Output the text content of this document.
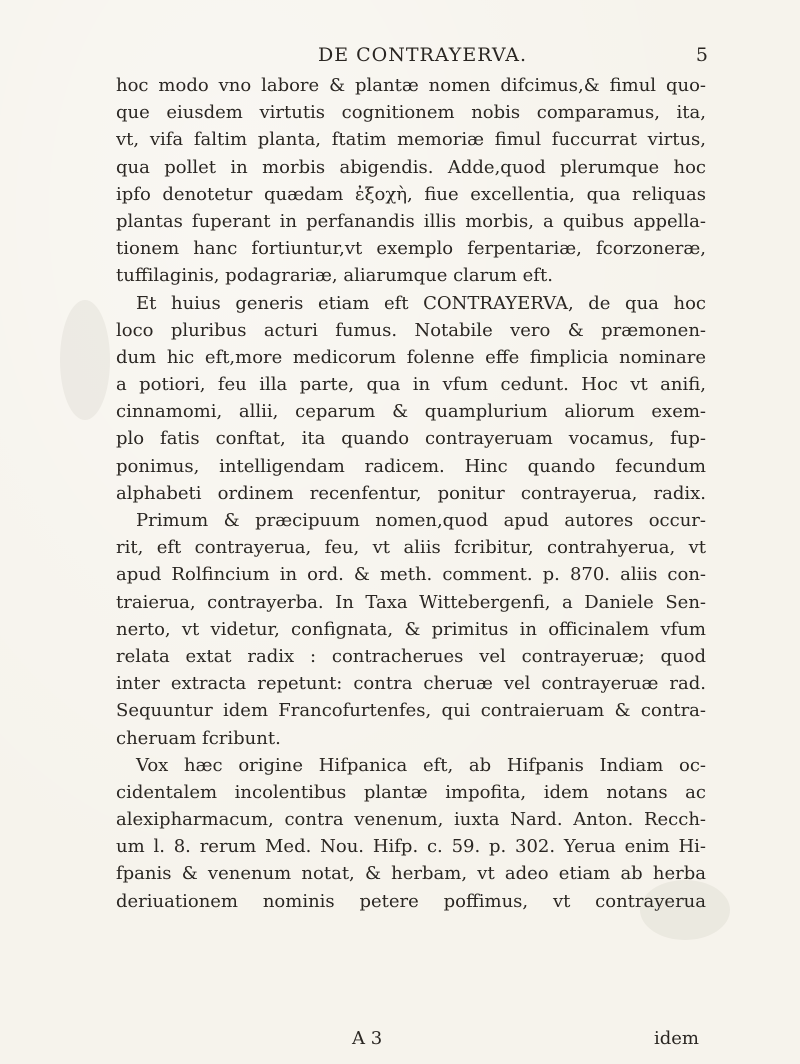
DE CONTRAYERVA.	5
hoc modo vno labore & plantæ nomen difcimus,& fimul quo-
que eiusdem virtutis cognitionem nobis comparamus, ita,
vt, vifa faltim planta, ftatim memoriæ fimul fuccurrat virtus,
qua pollet in morbis abigendis. Adde,quod plerumque hoc
ipfo denotetur quædam ἐξοχὴ, fiue excellentia, qua reliquas
plantas fuperant in perfanandis illis morbis, a quibus appella-
tionem hanc fortiuntur,vt exemplo ferpentariæ, fcorzoneræ,
tuffilaginis, podagrariæ, aliarumque clarum eft.
Et huius generis etiam eft CONTRAYERVA, de qua hoc
loco pluribus acturi fumus. Notabile vero & præmonen-
dum hic eft,more medicorum folenne effe fimplicia nominare
a potiori, feu illa parte, qua in vfum cedunt. Hoc vt anifi,
cinnamomi, allii, ceparum & quamplurium aliorum exem-
plo fatis conftat, ita quando contrayeruam vocamus, fup-
ponimus, intelligendam radicem. Hinc quando fecundum
alphabeti ordinem recenfentur, ponitur contrayerua, radix.
Primum & præcipuum nomen,quod apud autores occur-
rit, eft contrayerua, feu, vt aliis fcribitur, contrahyerua, vt
apud Rolfincium in ord. & meth. comment. p. 870. aliis con-
traierua, contrayerba. In Taxa Wittebergenfi, a Daniele Sen-
nerto, vt videtur, confignata, & primitus in officinalem vfum
relata extat radix : contracherues vel contrayeruæ; quod
inter extracta repetunt: contra cheruæ vel contrayeruæ rad.
Sequuntur idem Francofurtenfes, qui contraieruam & contra-
cheruam fcribunt.
Vox hæc origine Hifpanica eft, ab Hifpanis Indiam oc-
cidentalem incolentibus plantæ impofita, idem notans ac
alexipharmacum, contra venenum, iuxta Nard. Anton. Recch-
um l. 8. rerum Med. Nou. Hifp. c. 59. p. 302. Yerua enim Hi-
fpanis & venenum notat, & herbam, vt adeo etiam ab herba
deriuationem nominis petere poffimus, vt contrayerua
A 3	idem
